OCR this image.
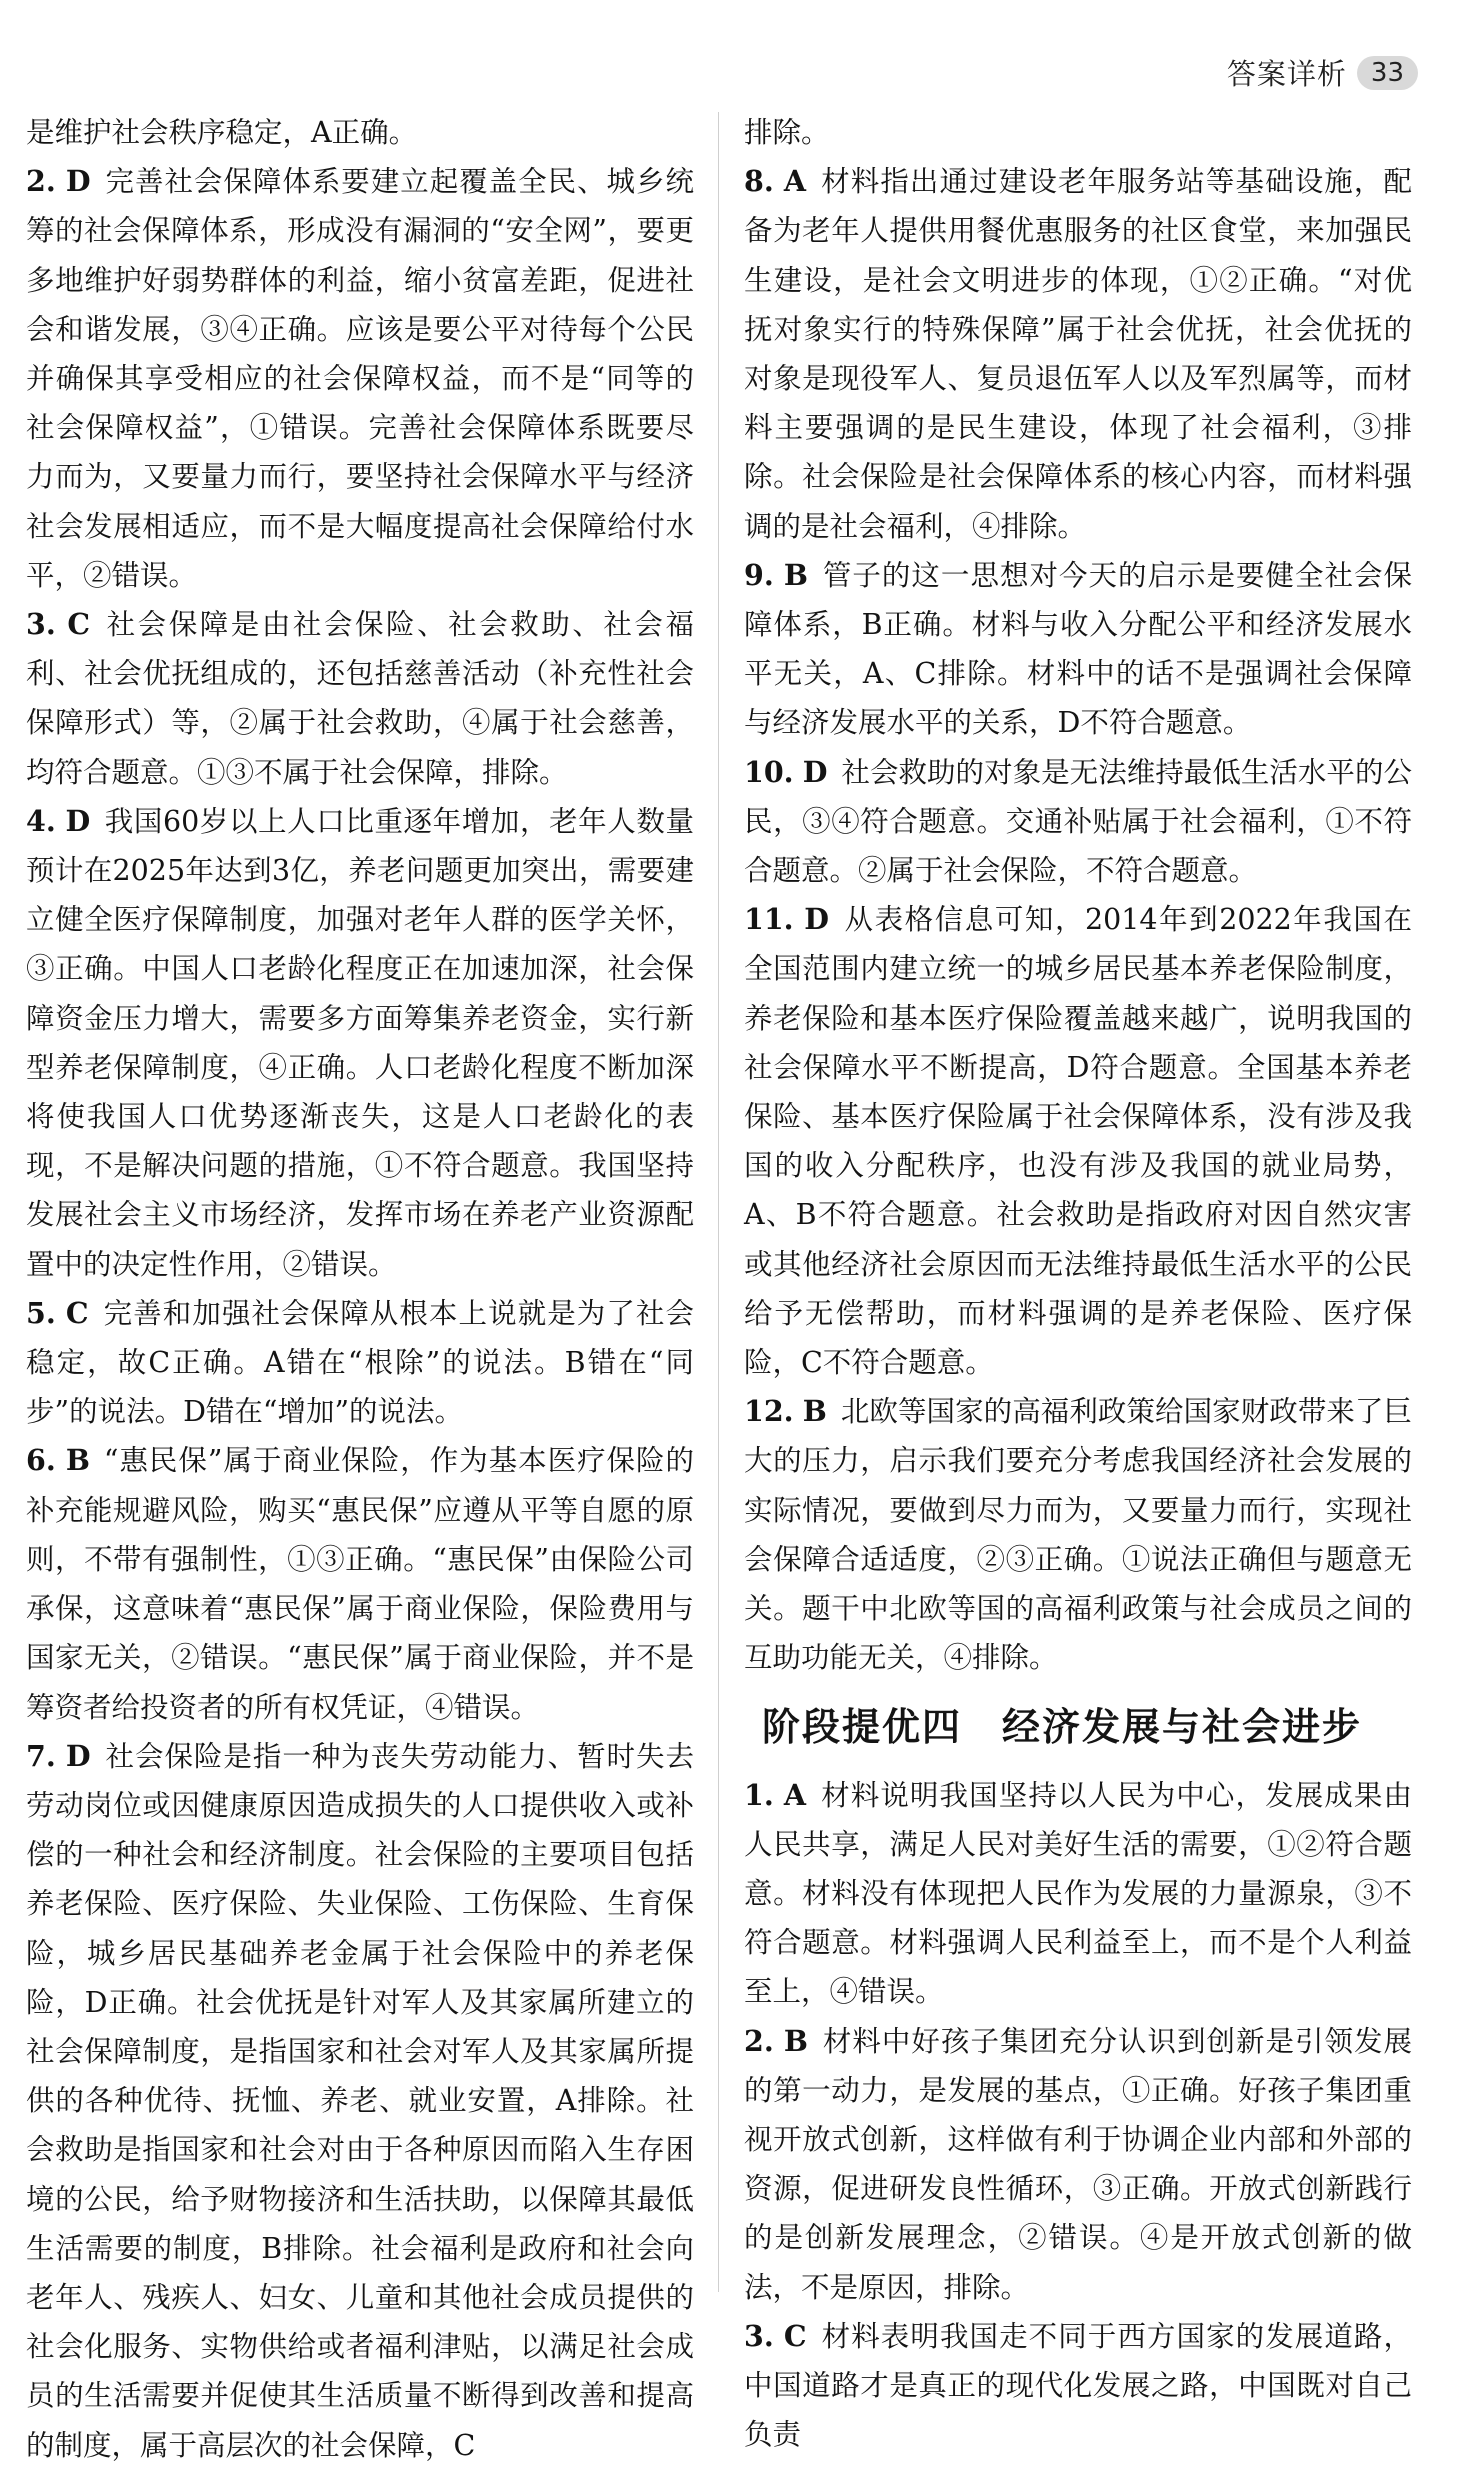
答案详析 33

是维护社会秩序稳定，A正确。

2. D 完善社会保障体系要建立起覆盖全民、城乡统筹的社会保障体系，形成没有漏洞的“安全网”，要更多地维护好弱势群体的利益，缩小贫富差距，促进社会和谐发展，③④正确。应该是要公平对待每个公民并确保其享受相应的社会保障权益，而不是“同等的社会保障权益”，①错误。完善社会保障体系既要尽力而为，又要量力而行，要坚持社会保障水平与经济社会发展相适应，而不是大幅度提高社会保障给付水平，②错误。

3. C 社会保障是由社会保险、社会救助、社会福利、社会优抚组成的，还包括慈善活动（补充性社会保障形式）等，②属于社会救助，④属于社会慈善，均符合题意。①③不属于社会保障，排除。

4. D 我国60岁以上人口比重逐年增加，老年人数量预计在2025年达到3亿，养老问题更加突出，需要建立健全医疗保障制度，加强对老年人群的医学关怀，③正确。中国人口老龄化程度正在加速加深，社会保障资金压力增大，需要多方面筹集养老资金，实行新型养老保障制度，④正确。人口老龄化程度不断加深将使我国人口优势逐渐丧失，这是人口老龄化的表现，不是解决问题的措施，①不符合题意。我国坚持发展社会主义市场经济，发挥市场在养老产业资源配置中的决定性作用，②错误。

5. C 完善和加强社会保障从根本上说就是为了社会稳定，故C正确。A错在“根除”的说法。B错在“同步”的说法。D错在“增加”的说法。

6. B “惠民保”属于商业保险，作为基本医疗保险的补充能规避风险，购买“惠民保”应遵从平等自愿的原则，不带有强制性，①③正确。“惠民保”由保险公司承保，这意味着“惠民保”属于商业保险，保险费用与国家无关，②错误。“惠民保”属于商业保险，并不是筹资者给投资者的所有权凭证，④错误。

7. D 社会保险是指一种为丧失劳动能力、暂时失去劳动岗位或因健康原因造成损失的人口提供收入或补偿的一种社会和经济制度。社会保险的主要项目包括养老保险、医疗保险、失业保险、工伤保险、生育保险，城乡居民基础养老金属于社会保险中的养老保险，D正确。社会优抚是针对军人及其家属所建立的社会保障制度，是指国家和社会对军人及其家属所提供的各种优待、抚恤、养老、就业安置，A排除。社会救助是指国家和社会对由于各种原因而陷入生存困境的公民，给予财物接济和生活扶助，以保障其最低生活需要的制度，B排除。社会福利是政府和社会向老年人、残疾人、妇女、儿童和其他社会成员提供的社会化服务、实物供给或者福利津贴，以满足社会成员的生活需要并促使其生活质量不断得到改善和提高的制度，属于高层次的社会保障，C

排除。

8. A 材料指出通过建设老年服务站等基础设施，配备为老年人提供用餐优惠服务的社区食堂，来加强民生建设，是社会文明进步的体现，①②正确。“对优抚对象实行的特殊保障”属于社会优抚，社会优抚的对象是现役军人、复员退伍军人以及军烈属等，而材料主要强调的是民生建设，体现了社会福利，③排除。社会保险是社会保障体系的核心内容，而材料强调的是社会福利，④排除。

9. B 管子的这一思想对今天的启示是要健全社会保障体系，B正确。材料与收入分配公平和经济发展水平无关，A、C排除。材料中的话不是强调社会保障与经济发展水平的关系，D不符合题意。

10. D 社会救助的对象是无法维持最低生活水平的公民，③④符合题意。交通补贴属于社会福利，①不符合题意。②属于社会保险，不符合题意。

11. D 从表格信息可知，2014年到2022年我国在全国范围内建立统一的城乡居民基本养老保险制度，养老保险和基本医疗保险覆盖越来越广，说明我国的社会保障水平不断提高，D符合题意。全国基本养老保险、基本医疗保险属于社会保障体系，没有涉及我国的收入分配秩序，也没有涉及我国的就业局势，A、B不符合题意。社会救助是指政府对因自然灾害或其他经济社会原因而无法维持最低生活水平的公民给予无偿帮助，而材料强调的是养老保险、医疗保险，C不符合题意。

12. B 北欧等国家的高福利政策给国家财政带来了巨大的压力，启示我们要充分考虑我国经济社会发展的实际情况，要做到尽力而为，又要量力而行，实现社会保障合适适度，②③正确。①说法正确但与题意无关。题干中北欧等国的高福利政策与社会成员之间的互助功能无关，④排除。

阶段提优四　经济发展与社会进步

1. A 材料说明我国坚持以人民为中心，发展成果由人民共享，满足人民对美好生活的需要，①②符合题意。材料没有体现把人民作为发展的力量源泉，③不符合题意。材料强调人民利益至上，而不是个人利益至上，④错误。

2. B 材料中好孩子集团充分认识到创新是引领发展的第一动力，是发展的基点，①正确。好孩子集团重视开放式创新，这样做有利于协调企业内部和外部的资源，促进研发良性循环，③正确。开放式创新践行的是创新发展理念，②错误。④是开放式创新的做法，不是原因，排除。

3. C 材料表明我国走不同于西方国家的发展道路，中国道路才是真正的现代化发展之路，中国既对自己负责
